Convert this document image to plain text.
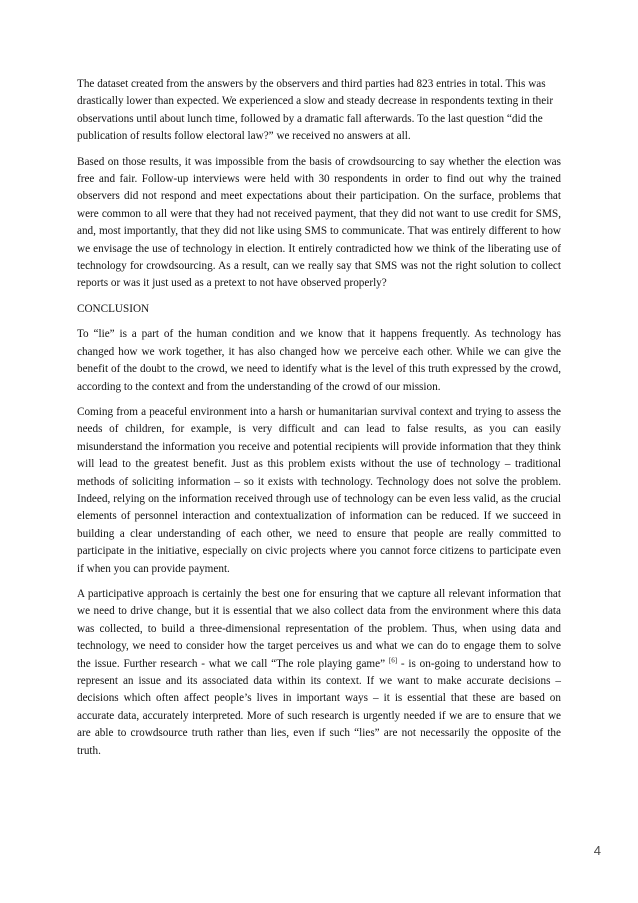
The dataset created from the answers by the observers and third parties had 823 entries in total. This was drastically lower than expected. We experienced a slow and steady decrease in respondents texting in their observations until about lunch time, followed by a dramatic fall afterwards. To the last question “did the publication of results follow electoral law?” we received no answers at all.

Based on those results, it was impossible from the basis of crowdsourcing to say whether the election was free and fair. Follow-up interviews were held with 30 respondents in order to find out why the trained observers did not respond and meet expectations about their participation. On the surface, problems that were common to all were that they had not received payment, that they did not want to use credit for SMS, and, most importantly, that they did not like using SMS to communicate. That was entirely different to how we envisage the use of technology in election. It entirely contradicted how we think of the liberating use of technology for crowdsourcing. As a result, can we really say that SMS was not the right solution to collect reports or was it just used as a pretext to not have observed properly?

CONCLUSION

To “lie” is a part of the human condition and we know that it happens frequently. As technology has changed how we work together, it has also changed how we perceive each other. While we can give the benefit of the doubt to the crowd, we need to identify what is the level of this truth expressed by the crowd, according to the context and from the understanding of the crowd of our mission.

Coming from a peaceful environment into a harsh or humanitarian survival context and trying to assess the needs of children, for example, is very difficult and can lead to false results, as you can easily misunderstand the information you receive and potential recipients will provide information that they think will lead to the greatest benefit. Just as this problem exists without the use of technology – traditional methods of soliciting information – so it exists with technology. Technology does not solve the problem. Indeed, relying on the information received through use of technology can be even less valid, as the crucial elements of personnel interaction and contextualization of information can be reduced. If we succeed in building a clear understanding of each other, we need to ensure that people are really committed to participate in the initiative, especially on civic projects where you cannot force citizens to participate even if when you can provide payment.

A participative approach is certainly the best one for ensuring that we capture all relevant information that we need to drive change, but it is essential that we also collect data from the environment where this data was collected, to build a three-dimensional representation of the problem. Thus, when using data and technology, we need to consider how the target perceives us and what we can do to engage them to solve the issue. Further research - what we call “The role playing game” [6] - is on-going to understand how to represent an issue and its associated data within its context. If we want to make accurate decisions – decisions which often affect people’s lives in important ways – it is essential that these are based on accurate data, accurately interpreted. More of such research is urgently needed if we are to ensure that we are able to crowdsource truth rather than lies, even if such “lies” are not necessarily the opposite of the truth.

4
